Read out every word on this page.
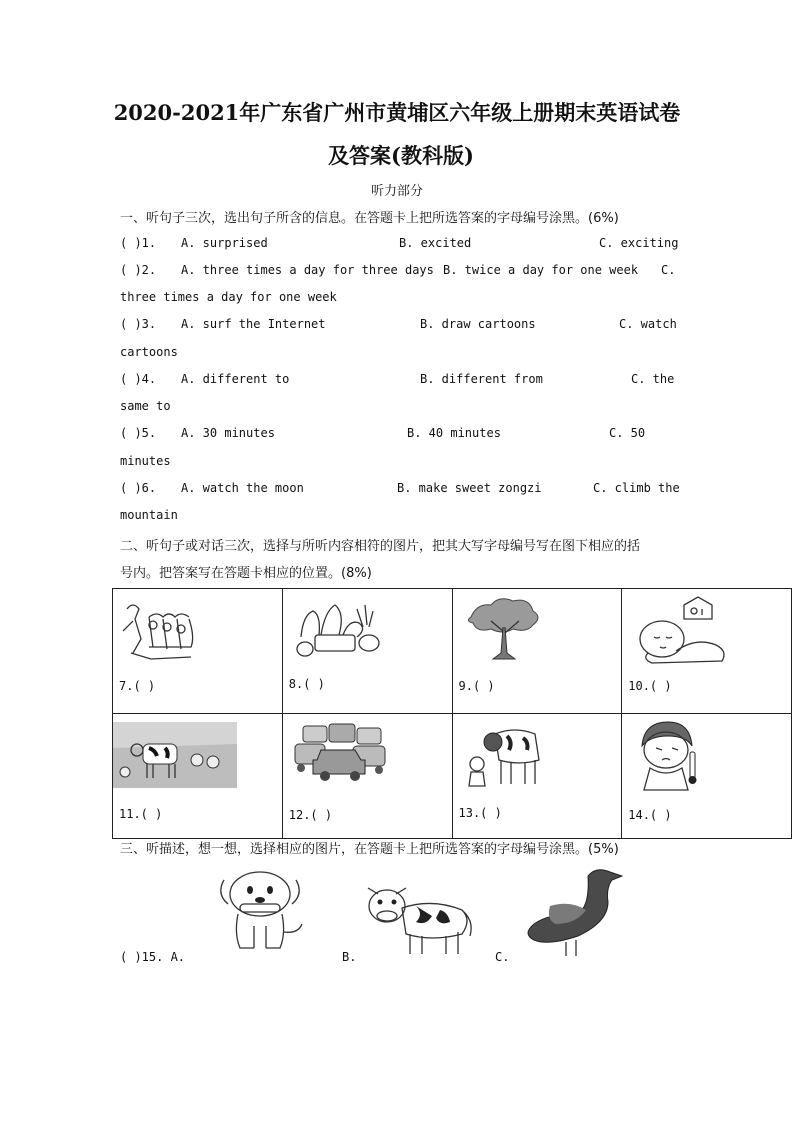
2020-2021年广东省广州市黄埔区六年级上册期末英语试卷
及答案(教科版)
听力部分
一、听句子三次，选出句子所含的信息。在答题卡上把所选答案的字母编号涂黑。(6%)
( )1. A. surprised	B. excited	C. exciting
( )2. A. three times a day for three days B. twice a day for one week C.
three times a day for one week
( )3. A. surf the Internet	B. draw cartoons	C. watch
cartoons
( )4. A. different to	B. different from	C. the
same to
( )5. A. 30 minutes	B. 40 minutes	C. 50
minutes
( )6. A. watch the moon	B. make sweet zongzi	C. climb the
mountain
二、听句子或对话三次，选择与所听内容相符的图片，把其大写字母编号写在图下相应的括
号内。把答案写在答题卡相应的位置。(8%)
7.( )	8.( )	9.( )	10.( )

11.( )	12.( )	13.( )	14.( )
三、听描述，想一想，选择相应的图片，在答题卡上把所选答案的字母编号涂黑。(5%)
( )15. A.	B.	C.
